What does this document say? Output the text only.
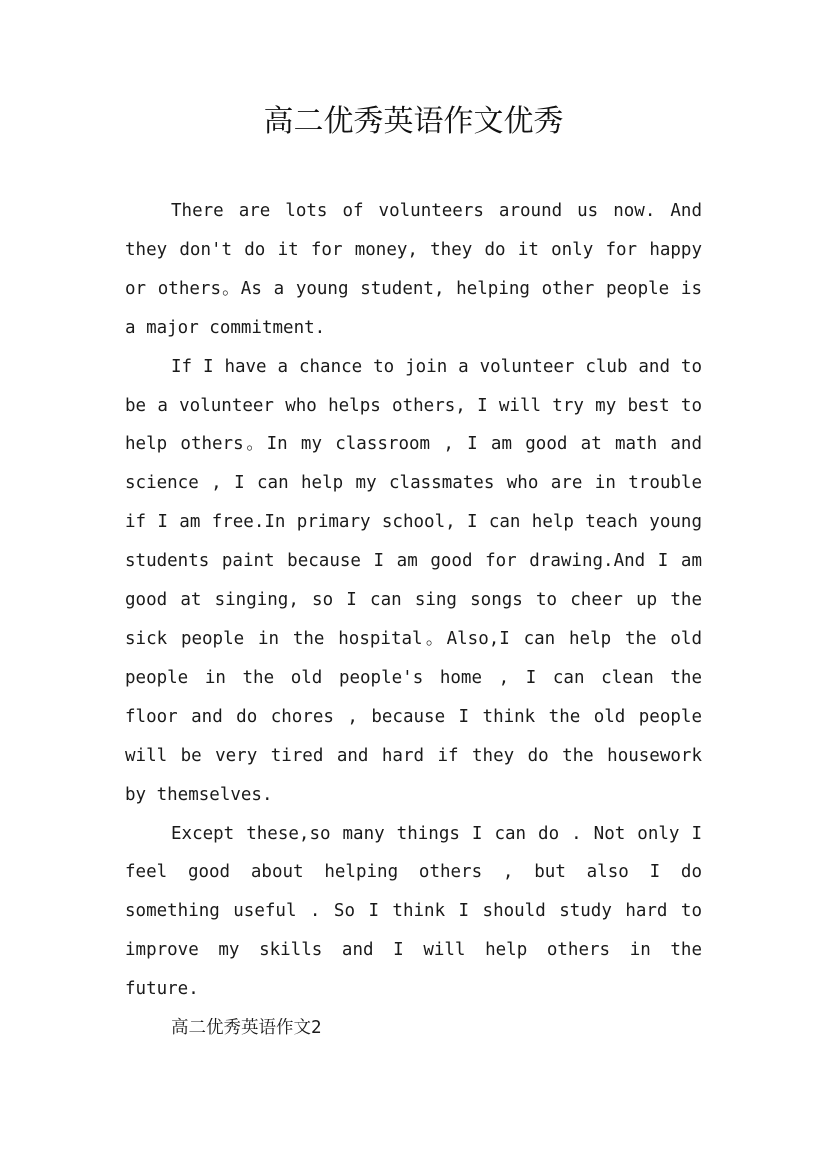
高二优秀英语作文优秀

There are lots of volunteers around us now. And they don't do it for money, they do it only for happy or others。As a young student, helping other people is a major commitment.

If I have a chance to join a volunteer club and to be a volunteer who helps others, I will try my best to help others。In my classroom , I am good at math and science , I can help my classmates who are in trouble if I am free.In primary school, I can help teach young students paint because I am good for drawing.And I am good at singing, so I can sing songs to cheer up the sick people in the hospital。Also,I can help the old people in the old people's home , I can clean the floor and do chores , because I think the old people will be very tired and hard if they do the housework by themselves.

Except these,so many things I can do . Not only I feel good about helping others , but also I do something useful . So I think I should study hard to improve my skills and I will help others in the future.

高二优秀英语作文2
